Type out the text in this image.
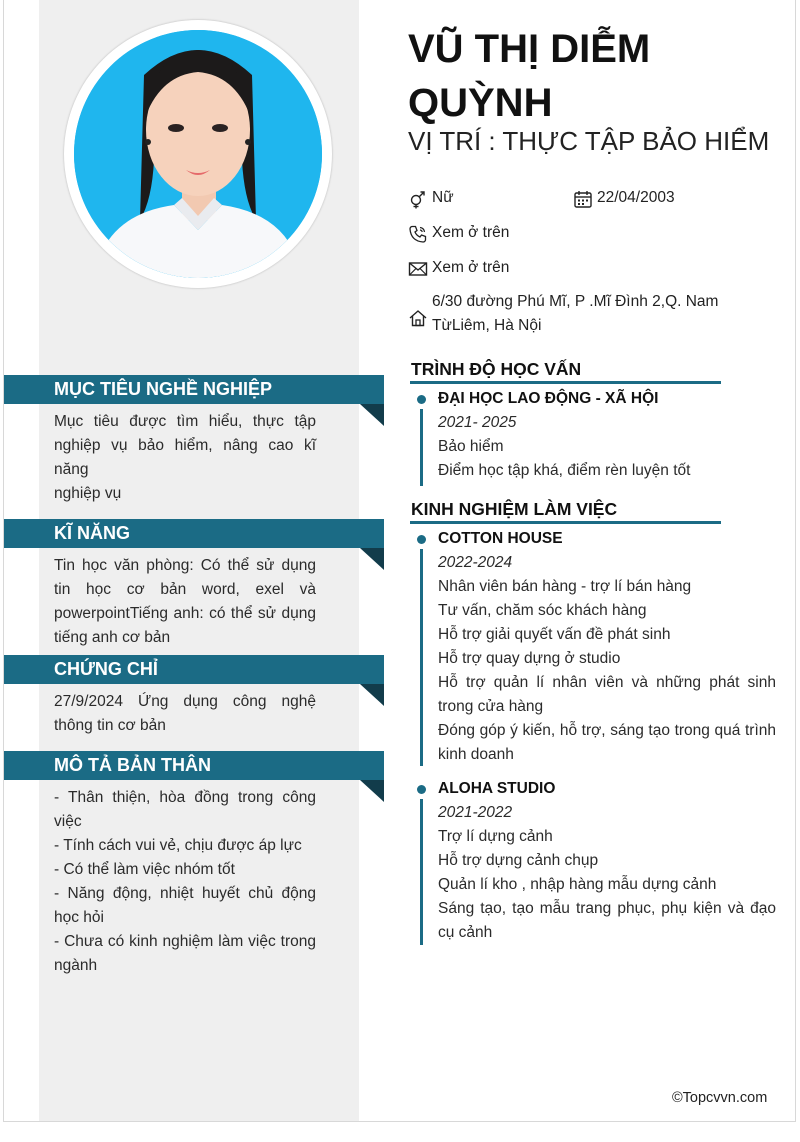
MỤC TIÊU NGHỀ NGHIỆP

Mục tiêu được tìm hiểu, thực tập nghiệp vụ bảo hiểm, nâng cao kĩ năng

nghiệp vụ

KĨ NĂNG

Tin học văn phòng: Có thể sử dụng tin học cơ bản word, exel và powerpointTiếng anh: có thể sử dụng tiếng anh cơ bản

CHỨNG CHỈ

27/9/2024 Ứng dụng công nghệ thông tin cơ bản

MÔ TẢ BẢN THÂN

- Thân thiện, hòa đồng trong công việc

- Tính cách vui vẻ, chịu được áp lực

- Có thể làm việc nhóm tốt

- Năng động, nhiệt huyết chủ động học hỏi

- Chưa có kinh nghiệm làm việc trong ngành

VŨ THỊ DIỄM QUỲNH
VỊ TRÍ : THỰC TẬP BẢO HIỂM
Nữ	22/04/2003
Xem ở trên
Xem ở trên
6/30 đường Phú Mĩ, P .Mĩ Đình 2,Q. Nam TừLiêm, Hà Nội
TRÌNH ĐỘ HỌC VẤN

ĐẠI HỌC LAO ĐỘNG - XÃ HỘI

2021- 2025

Bảo hiểm

Điểm học tập khá, điểm rèn luyện tốt

KINH NGHIỆM LÀM VIỆC

COTTON HOUSE

2022-2024

Nhân viên bán hàng - trợ lí bán hàng

Tư vấn, chăm sóc khách hàng

Hỗ trợ giải quyết vấn đề phát sinh

Hỗ trợ quay dựng ở studio

Hỗ trợ quản lí nhân viên và những phát sinh trong cửa hàng

Đóng góp ý kiến, hỗ trợ, sáng tạo trong quá trình kinh doanh

ALOHA STUDIO

2021-2022

Trợ lí dựng cảnh

Hỗ trợ dựng cảnh chụp

Quản lí kho , nhập hàng mẫu dựng cảnh

Sáng tạo, tạo mẫu trang phục, phụ kiện và đạo cụ cảnh

©Topcvvn.com
